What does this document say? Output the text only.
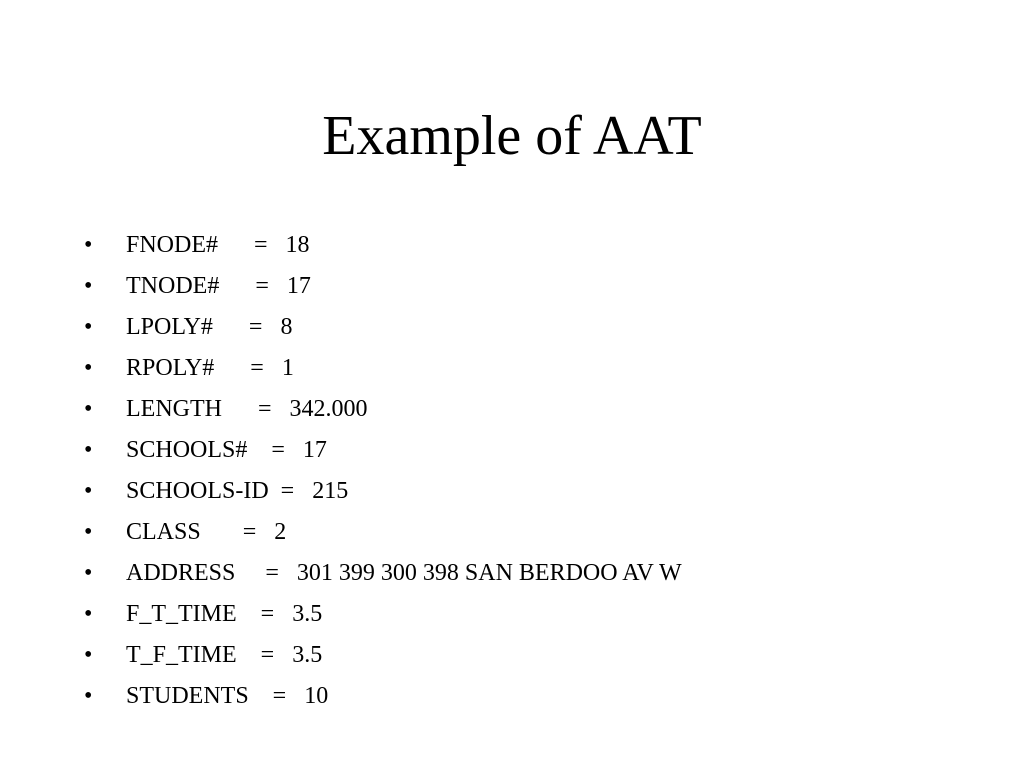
Example of AAT
•	FNODE#      =   18
•	TNODE#      =   17
•	LPOLY#      =   8
•	RPOLY#      =   1
•	LENGTH      =   342.000
•	SCHOOLS#    =   17
•	SCHOOLS-ID  =   215
•	CLASS       =   2
•	ADDRESS     =   301 399 300 398 SAN BERDOO AV W
•	F_T_TIME    =   3.5
•	T_F_TIME    =   3.5
•	STUDENTS    =   10
